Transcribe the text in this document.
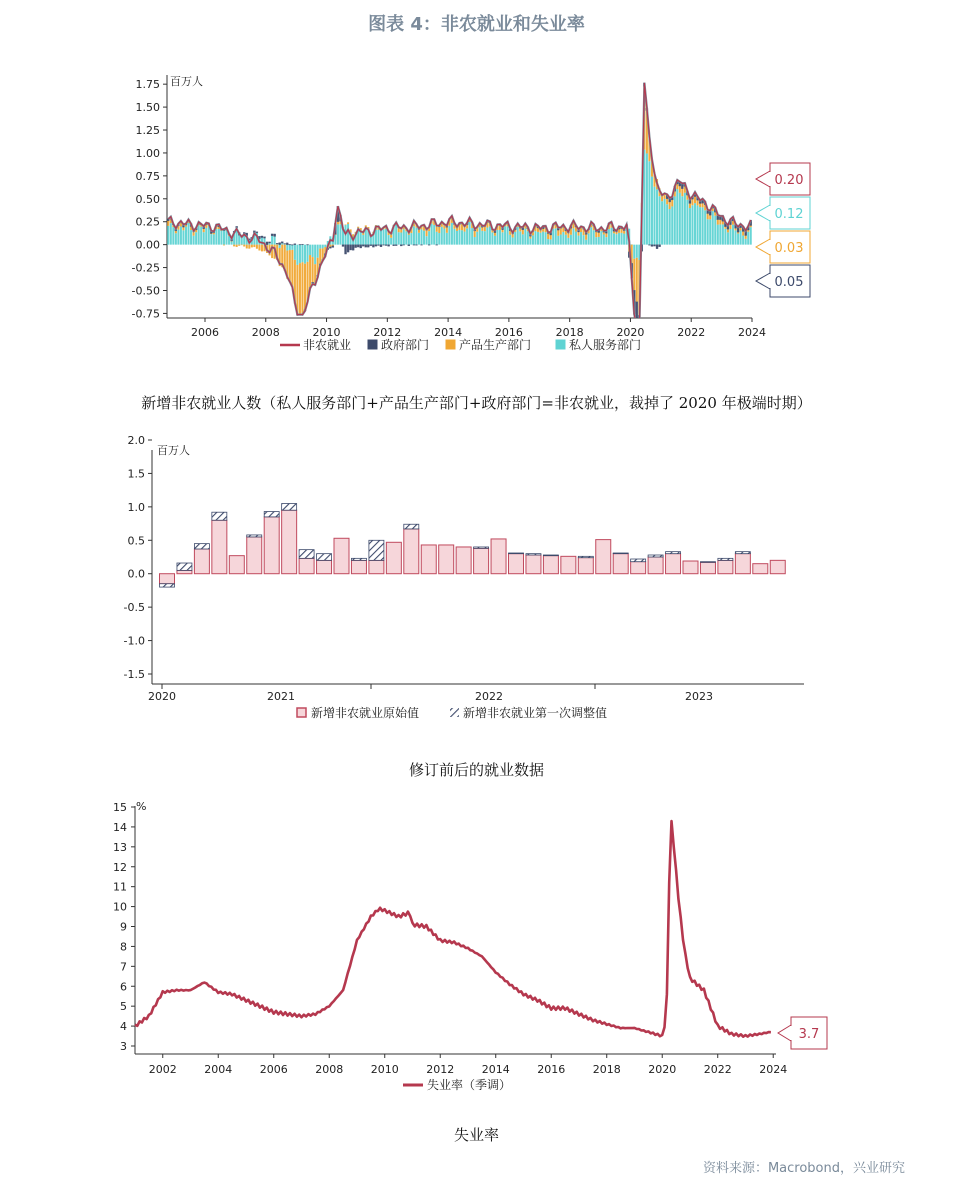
图表 4：非农就业和失业率
1.75
1.50
1.25
1.00
0.75
0.50
0.25
0.00
-0.25
-0.50
-0.75
2006	2008	2010	2012	2014	2016	2018	2020	2022	2024
百万人
0.20
0.12
0.03
0.05
非农就业 政府部门 产品生产部门	私人服务部门
新增非农就业人数（私人服务部门+产品生产部门+政府部门=非农就业，裁掉了 2020 年极端时期）
2.0
1.5
1.0
0.5
0.0
-0.5
-1.0
-1.5
百万人
2020	2021	2022	2023
新增非农就业原始值	新增非农就业第一次调整值
修订前后的就业数据
15
14
13
12
11
10
9
8
7
6
5
4
3
2002 2004 2006 2008 2010 2012 2014 2016 2018 2020 2022 2024
%
3.7
失业率（季调）
失业率
资料来源：Macrobond，兴业研究
